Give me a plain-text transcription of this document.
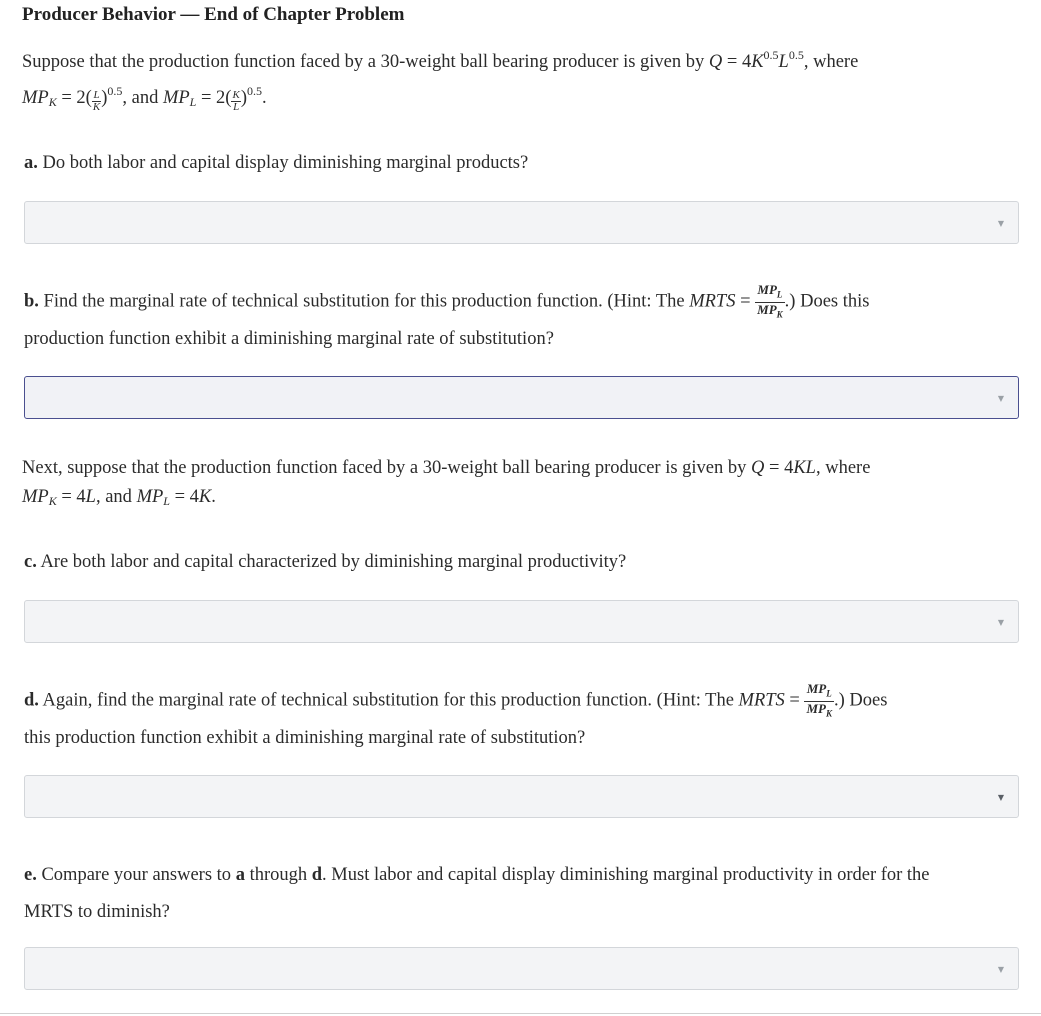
Producer Behavior — End of Chapter Problem
Suppose that the production function faced by a 30-weight ball bearing producer is given by $Q = 4K^{0.5}L^{0.5}$, where
$MP_K = 2( \frac{L}{K} )^{0.5}$, and $MP_L = 2( \frac{K}{L} )^{0.5}$.
a. Do both labor and capital display diminishing marginal products?
▼
b. Find the marginal rate of technical substitution for this production function. (Hint: The MRTS = $\frac{MP_L}{MP_K}$ .) Does this
production function exhibit a diminishing marginal rate of substitution?
▼
Next, suppose that the production function faced by a 30-weight ball bearing producer is given by Q = 4KL, where
$MP_K = 4L$, and $MP_L = 4K$.
c. Are both labor and capital characterized by diminishing marginal productivity?
▼
d. Again, find the marginal rate of technical substitution for this production function. (Hint: The MRTS = $\frac{MP_L}{MP_K}$ .) Does
this production function exhibit a diminishing marginal rate of substitution?
▼
e. Compare your answers to a through d. Must labor and capital display diminishing marginal productivity in order for the
MRTS to diminish?
▼
